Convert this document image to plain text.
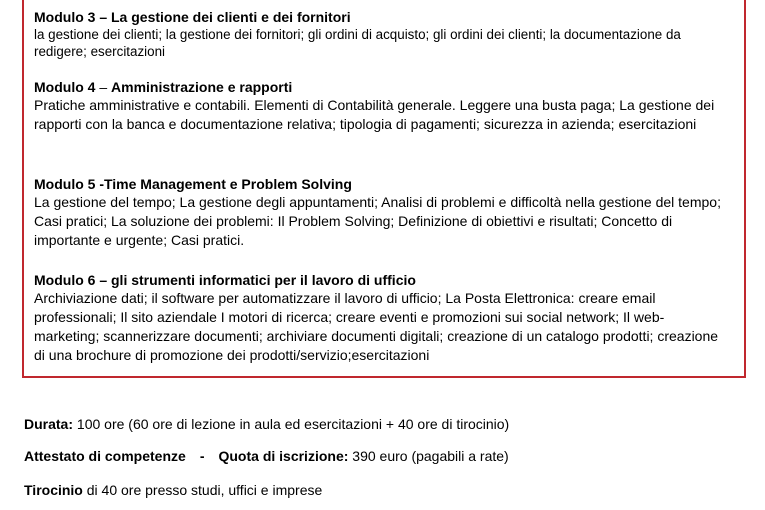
Modulo 3 – La gestione dei clienti e dei fornitori
la gestione dei clienti; la gestione dei fornitori; gli ordini di acquisto; gli ordini dei clienti; la documentazione da redigere; esercitazioni
Modulo 4 – Amministrazione e rapporti
Pratiche amministrative e contabili. Elementi di Contabilità generale. Leggere una busta paga; La gestione dei rapporti con la banca e documentazione relativa; tipologia di pagamenti; sicurezza in azienda; esercitazioni
Modulo 5 -Time Management e Problem Solving
La gestione del tempo; La gestione degli appuntamenti; Analisi di problemi e difficoltà nella gestione del tempo; Casi pratici; La soluzione dei problemi: Il Problem Solving; Definizione di obiettivi e risultati; Concetto di importante e urgente; Casi pratici.
Modulo 6 – gli strumenti informatici per il lavoro di ufficio
Archiviazione dati; il software per automatizzare il lavoro di ufficio; La Posta Elettronica: creare email professionali; Il sito aziendale I motori di ricerca; creare eventi e promozioni sui social network; Il web-marketing; scannerizzare documenti; archiviare documenti digitali; creazione di un catalogo prodotti; creazione di una brochure di promozione dei prodotti/servizio;esercitazioni
Durata: 100 ore (60 ore di lezione in aula ed esercitazioni + 40 ore di tirocinio)
Attestato di competenze - Quota di iscrizione: 390 euro (pagabili a rate)
Tirocinio di 40 ore presso studi, uffici e imprese
